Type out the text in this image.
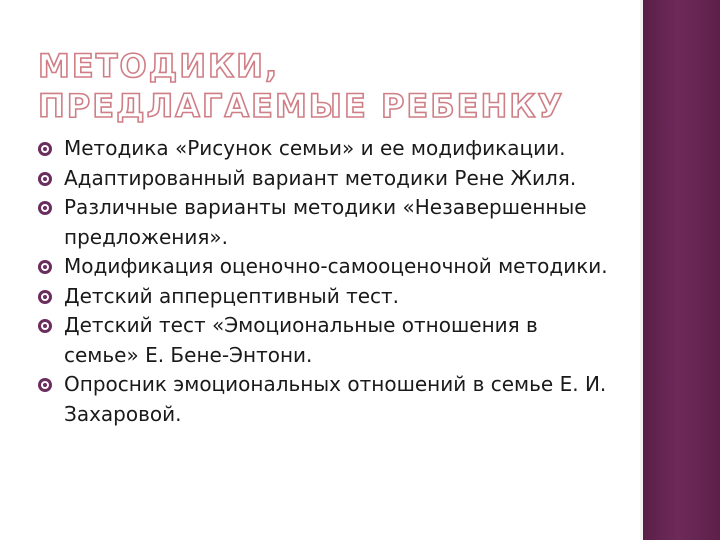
МЕТОДИКИ, ПРЕДЛАГАЕМЫЕ РЕБЕНКУ
Методика «Рисунок семьи» и ее модификации.
Адаптированный вариант методики Рене Жиля.
Различные варианты методики «Незавершенные предложения».
Модификация оценочно-самооценочной методики.
Детский апперцептивный тест.
Детский тест «Эмоциональные отношения в семье» Е. Бене-Энтони.
Опросник эмоциональных отношений в семье Е. И. Захаровой.
